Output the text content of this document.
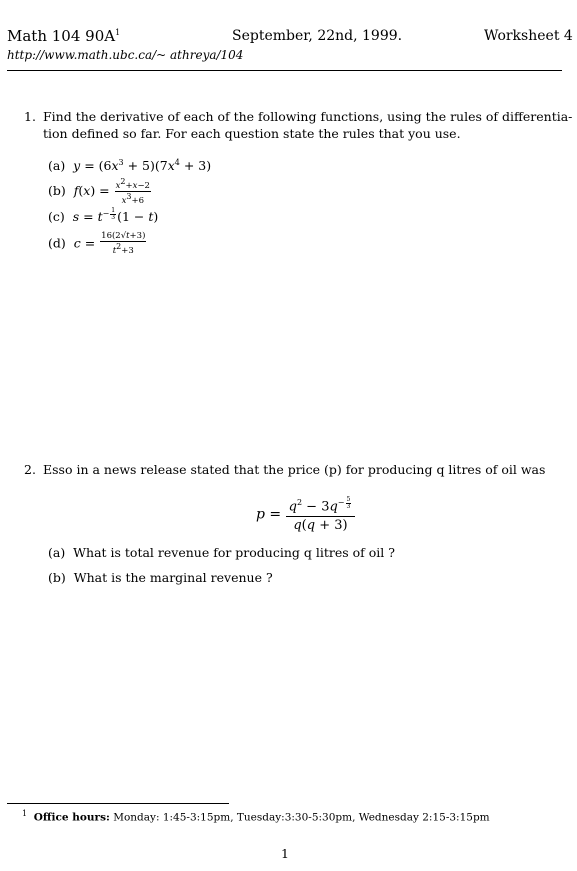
Math 104 $90A^1$	September, 22nd, 1999.	Worksheet 4
http://www.math.ubc.ca/~ athreya/104
1. Find the derivative of each of the following functions, using the rules of differentia-
tion defined so far. For each question state the rules that you use.
(a) $y = (6x^3 + 5)(7x^4 + 3)$
(b) $f(x) = \frac{x^2+x-2}{x^3+6}$
(c) $s = t^{- \frac{1}{3}}$ (1 − t)
(d) $c = \frac{16(2√t+3)}{t^2+3}$
2. Esso in a news release stated that the price (p) for producing q litres of oil was
$p = q^2 - 3q^{- \frac{5}{3}}$
q(q + 3)
(a) What is total revenue for producing q litres of oil ?
(b) What is the marginal revenue ?
$^1$ Office hours: Monday: 1:45-3:15pm, Tuesday:3:30-5:30pm, Wednesday 2:15-3:15pm
1
